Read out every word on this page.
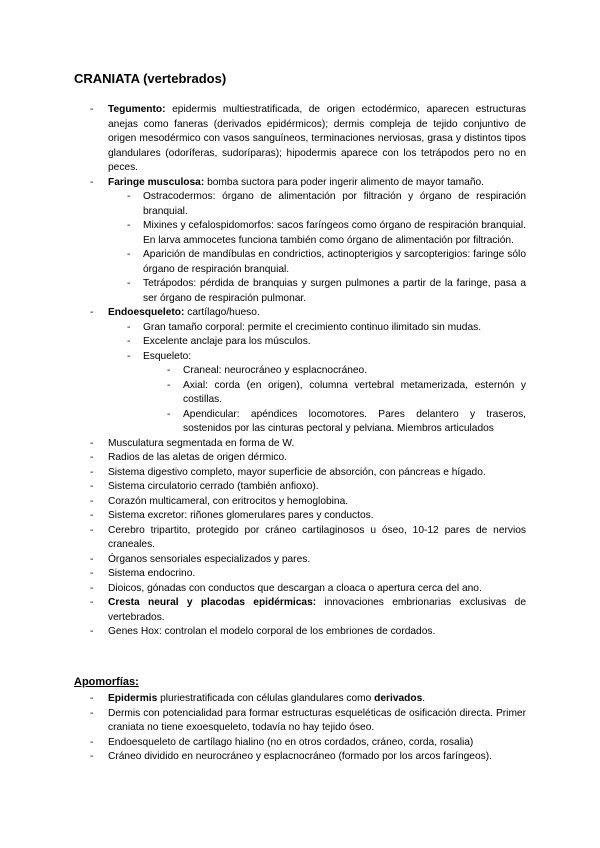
CRANIATA (vertebrados)
- Tegumento: epidermis multiestratificada, de origen ectodérmico, aparecen estructuras anejas como faneras (derivados epidérmicos); dermis compleja de tejido conjuntivo de origen mesodérmico con vasos sanguíneos, terminaciones nerviosas, grasa y distintos tipos glandulares (odoríferas, sudoríparas); hipodermis aparece con los tetrápodos pero no en peces.
- Faringe musculosa: bomba suctora para poder ingerir alimento de mayor tamaño.
- Ostracodermos: órgano de alimentación por filtración y órgano de respiración branquial.
- Mixines y cefalospidomorfos: sacos faríngeos como órgano de respiración branquial. En larva ammocetes funciona también como órgano de alimentación por filtración.
- Aparición de mandíbulas en condrictios, actinopterigios y sarcopterigios: faringe sólo órgano de respiración branquial.
- Tetrápodos: pérdida de branquias y surgen pulmones a partir de la faringe, pasa a ser órgano de respiración pulmonar.
- Endoesqueleto: cartílago/hueso.
- Gran tamaño corporal: permite el crecimiento continuo ilimitado sin mudas.
- Excelente anclaje para los músculos.
- Esqueleto:
- Craneal: neurocráneo y esplacnocráneo.
- Axial: corda (en origen), columna vertebral metamerizada, esternón y costillas.
- Apendicular: apéndices locomotores. Pares delantero y traseros, sostenidos por las cinturas pectoral y pelviana. Miembros articulados
- Musculatura segmentada en forma de W.
- Radios de las aletas de origen dérmico.
- Sistema digestivo completo, mayor superficie de absorción, con páncreas e hígado.
- Sistema circulatorio cerrado (también anfioxo).
- Corazón multicameral, con eritrocitos y hemoglobina.
- Sistema excretor: riñones glomerulares pares y conductos.
- Cerebro tripartito, protegido por cráneo cartilaginosos u óseo, 10-12 pares de nervios craneales.
- Órganos sensoriales especializados y pares.
- Sistema endocrino.
- Dioicos, gónadas con conductos que descargan a cloaca o apertura cerca del ano.
- Cresta neural y placodas epidérmicas: innovaciones embrionarias exclusivas de vertebrados.
- Genes Hox: controlan el modelo corporal de los embriones de cordados.
Apomorfías:
- Epidermis pluriestratificada con células glandulares como derivados.
- Dermis con potencialidad para formar estructuras esqueléticas de osificación directa. Primer craniata no tiene exoesqueleto, todavía no hay tejido óseo.
- Endoesqueleto de cartílago hialino (no en otros cordados, cráneo, corda, rosalia)
- Cráneo dividido en neurocráneo y esplacnocráneo (formado por los arcos faríngeos).
